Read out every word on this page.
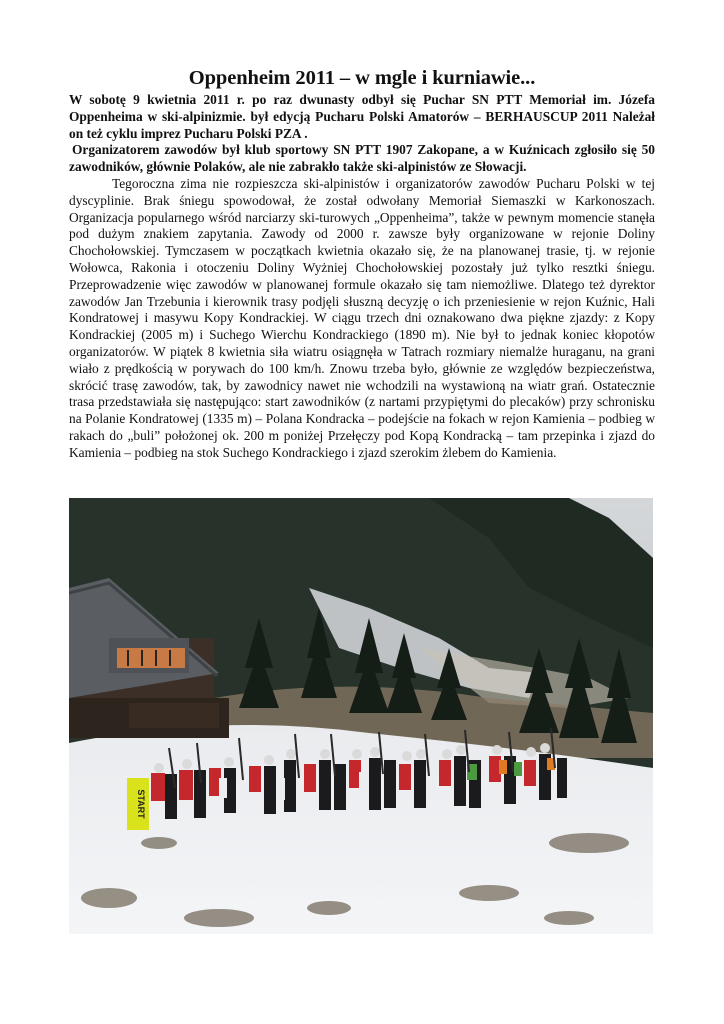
Oppenheim 2011 – w mgle i kurniawie...

W sobotę 9 kwietnia 2011 r. po raz dwunasty odbył się Puchar SN PTT Memoriał im. Józefa Oppenheima w ski-alpinizmie. był edycją Pucharu Polski Amatorów – BERHAUSCUP 2011 Należał on też cyklu imprez Pucharu Polski PZA .

Organizatorem zawodów był klub sportowy SN PTT 1907 Zakopane, a w Kuźnicach zgłosiło się 50 zawodników, głównie Polaków, ale nie zabrakło także ski-alpinistów ze Słowacji.

Tegoroczna zima nie rozpieszcza ski-alpinistów i organizatorów zawodów Pucharu Polski w tej dyscyplinie. Brak śniegu spowodował, że został odwołany Memoriał Siemaszki w Karkonoszach. Organizacja popularnego wśród narciarzy ski-turowych „Oppenheima”, także w pewnym momencie stanęła pod dużym znakiem zapytania. Zawody od 2000 r. zawsze były organizowane w rejonie Doliny Chochołowskiej. Tymczasem w początkach kwietnia okazało się, że na planowanej trasie, tj. w rejonie Wołowca, Rakonia i otoczeniu Doliny Wyżniej Chochołowskiej pozostały już tylko resztki śniegu. Przeprowadzenie więc zawodów w planowanej formule okazało się tam niemożliwe. Dlatego też dyrektor zawodów Jan Trzebunia i kierownik trasy podjęli słuszną decyzję o ich przeniesienie w rejon Kuźnic, Hali Kondratowej i masywu Kopy Kondrackiej. W ciągu trzech dni oznakowano dwa piękne zjazdy: z Kopy Kondrackiej (2005 m) i Suchego Wierchu Kondrackiego (1890 m). Nie był to jednak koniec kłopotów organizatorów. W piątek 8 kwietnia siła wiatru osiągnęła w Tatrach rozmiary niemalże huraganu, na grani wiało z prędkością w porywach do 100 km/h. Znowu trzeba było, głównie ze względów bezpieczeństwa, skrócić trasę zawodów, tak, by zawodnicy nawet nie wchodzili na wystawioną na wiatr grań. Ostatecznie trasa przedstawiała się następująco: start zawodników (z nartami przypiętymi do plecaków) przy schronisku na Polanie Kondratowej (1335 m) – Polana Kondracka – podejście na fokach w rejon Kamienia – podbieg w rakach do „buli” położonej ok. 200 m poniżej Przełęczy pod Kopą Kondracką – tam przepinka i zjazd do Kamienia – podbieg na stok Suchego Kondrackiego i zjazd szerokim żlebem do Kamienia.

START
